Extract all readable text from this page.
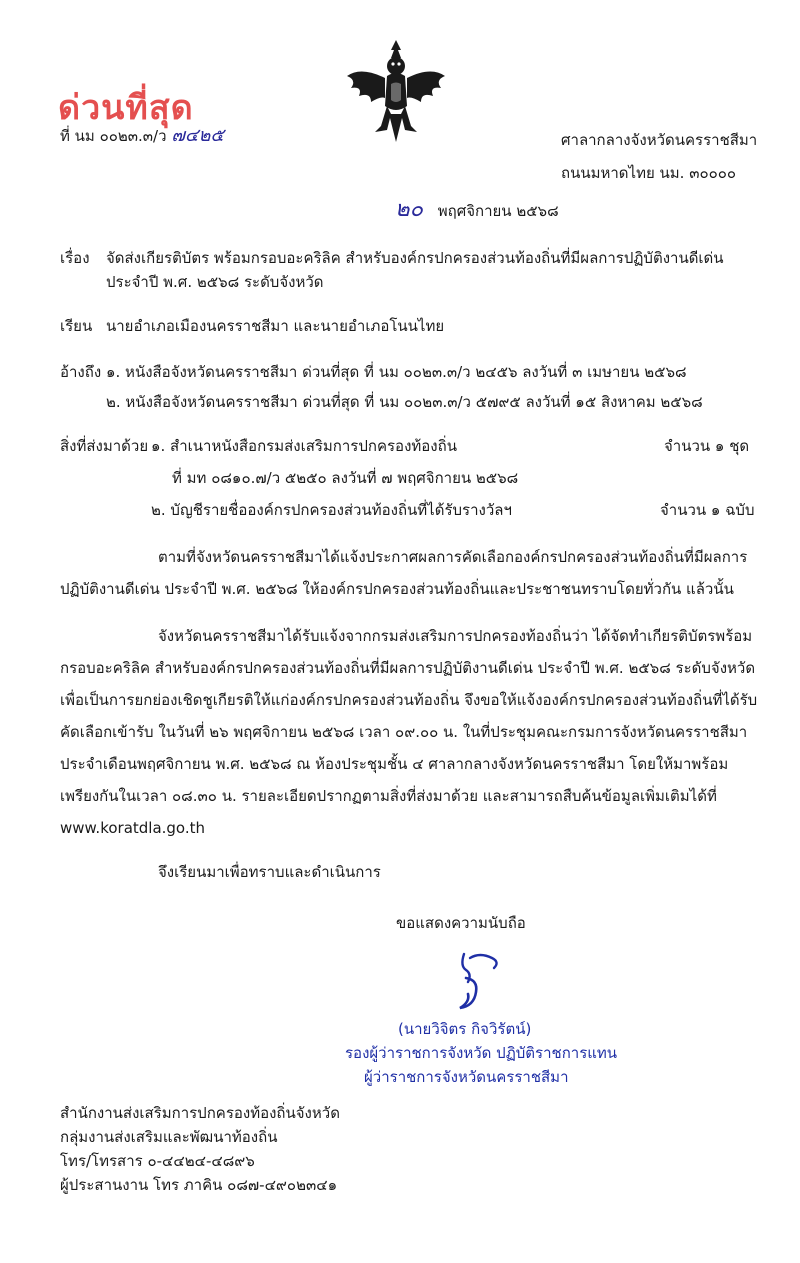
ด่วนที่สุด
ที่ นม ๐๐๒๓.๓/ว ๗๔๒๕	ศาลากลางจังหวัดนครราชสีมา
ถนนมหาดไทย นม. ๓๐๐๐๐
๒๐ พฤศจิกายน ๒๕๖๘
เรื่อง จัดส่งเกียรติบัตร พร้อมกรอบอะคริลิค สำหรับองค์กรปกครองส่วนท้องถิ่นที่มีผลการปฏิบัติงานดีเด่น
ประจำปี พ.ศ. ๒๕๖๘ ระดับจังหวัด
เรียน นายอำเภอเมืองนครราชสีมา และนายอำเภอโนนไทย
อ้างถึง ๑. หนังสือจังหวัดนครราชสีมา ด่วนที่สุด ที่ นม ๐๐๒๓.๓/ว ๒๔๕๖ ลงวันที่ ๓ เมษายน ๒๕๖๘
๒. หนังสือจังหวัดนครราชสีมา ด่วนที่สุด ที่ นม ๐๐๒๓.๓/ว ๕๗๙๕ ลงวันที่ ๑๕ สิงหาคม ๒๕๖๘
สิ่งที่ส่งมาด้วย ๑. สำเนาหนังสือกรมส่งเสริมการปกครองท้องถิ่น	จำนวน ๑ ชุด
ที่ มท ๐๘๑๐.๗/ว ๕๒๕๐ ลงวันที่ ๗ พฤศจิกายน ๒๕๖๘
๒. บัญชีรายชื่อองค์กรปกครองส่วนท้องถิ่นที่ได้รับรางวัลฯ	จำนวน ๑ ฉบับ
ตามที่จังหวัดนครราชสีมาได้แจ้งประกาศผลการคัดเลือกองค์กรปกครองส่วนท้องถิ่นที่มีผลการปฏิบัติงานดีเด่น ประจำปี พ.ศ. ๒๕๖๘ ให้องค์กรปกครองส่วนท้องถิ่นและประชาชนทราบโดยทั่วกัน แล้วนั้น
จังหวัดนครราชสีมาได้รับแจ้งจากกรมส่งเสริมการปกครองท้องถิ่นว่า ได้จัดทำเกียรติบัตรพร้อมกรอบอะคริลิค สำหรับองค์กรปกครองส่วนท้องถิ่นที่มีผลการปฏิบัติงานดีเด่น ประจำปี พ.ศ. ๒๕๖๘ ระดับจังหวัด เพื่อเป็นการยกย่องเชิดชูเกียรติให้แก่องค์กรปกครองส่วนท้องถิ่น จึงขอให้แจ้งองค์กรปกครองส่วนท้องถิ่นที่ได้รับคัดเลือกเข้ารับ ในวันที่ ๒๖ พฤศจิกายน ๒๕๖๘ เวลา ๐๙.๐๐ น. ในที่ประชุมคณะกรมการจังหวัดนครราชสีมา ประจำเดือนพฤศจิกายน พ.ศ. ๒๕๖๘ ณ ห้องประชุมชั้น ๔ ศาลากลางจังหวัดนครราชสีมา โดยให้มาพร้อมเพรียงกันในเวลา ๐๘.๓๐ น. รายละเอียดปรากฏตามสิ่งที่ส่งมาด้วย และสามารถสืบค้นข้อมูลเพิ่มเติมได้ที่ www.koratdla.go.th
จึงเรียนมาเพื่อทราบและดำเนินการ
ขอแสดงความนับถือ
(นายวิจิตร กิจวิรัตน์)
รองผู้ว่าราชการจังหวัด ปฏิบัติราชการแทน
ผู้ว่าราชการจังหวัดนครราชสีมา
สำนักงานส่งเสริมการปกครองท้องถิ่นจังหวัด
กลุ่มงานส่งเสริมและพัฒนาท้องถิ่น
โทร/โทรสาร ๐-๔๔๒๔-๔๘๙๖
ผู้ประสานงาน โทร ภาคิน ๐๘๗-๔๙๐๒๓๔๑
